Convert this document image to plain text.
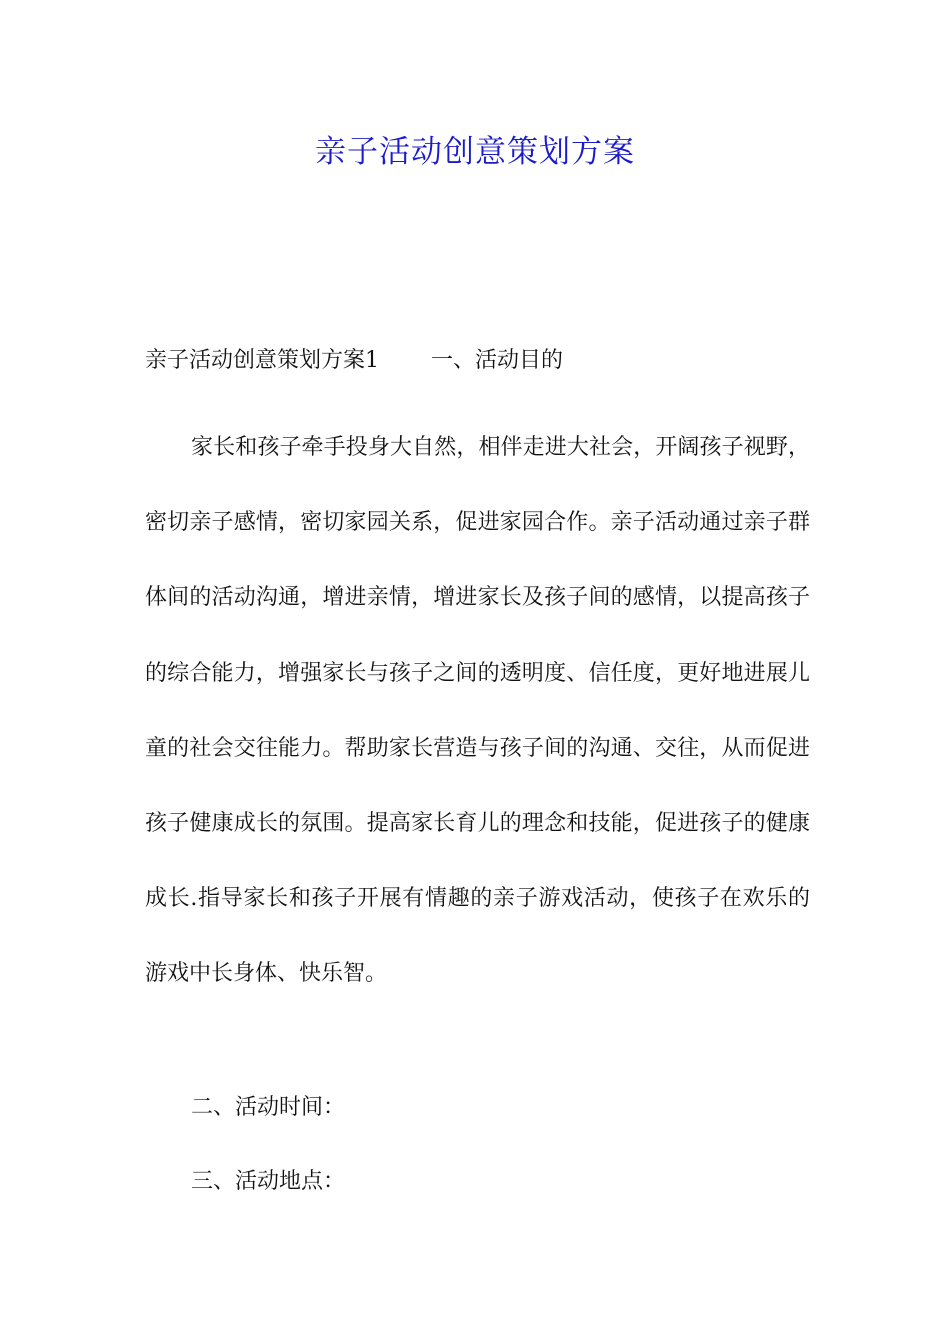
亲子活动创意策划方案
亲子活动创意策划方案1 一、活动目的

家长和孩子牵手投身大自然，相伴走进大社会，开阔孩子视野，密切亲子感情，密切家园关系，促进家园合作。亲子活动通过亲子群体间的活动沟通，增进亲情，增进家长及孩子间的感情，以提高孩子的综合能力，增强家长与孩子之间的透明度、信任度，更好地进展儿童的社会交往能力。帮助家长营造与孩子间的沟通、交往，从而促进孩子健康成长的氛围。提高家长育儿的理念和技能，促进孩子的健康成长.指导家长和孩子开展有情趣的亲子游戏活动，使孩子在欢乐的游戏中长身体、快乐智。

二、活动时间：
三、活动地点：
